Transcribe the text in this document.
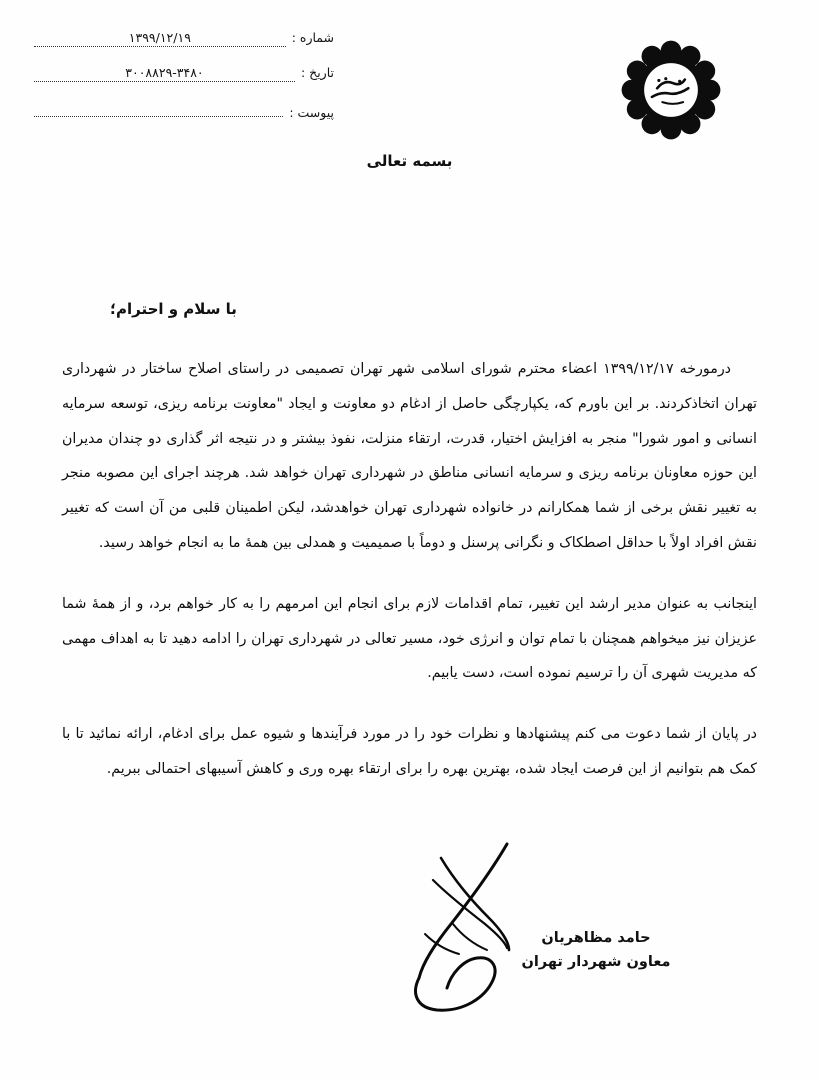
شماره :
۱۳۹۹/۱۲/۱۹
تاریخ :
۳۰۰۸۸۲۹-۳۴۸۰
پیوست :
بسمه تعالی
با سلام و احترام؛

درمورخه ۱۳۹۹/۱۲/۱۷ اعضاء محترم شورای اسلامی شهر تهران تصمیمی در راستای اصلاح ساختار در شهرداری تهران اتخاذکردند. بر این باورم که، یکپارچگی حاصل از ادغام دو معاونت و ایجاد "معاونت برنامه ریزی، توسعه سرمایه انسانی و امور شورا" منجر به افزایش اختیار، قدرت، ارتقاء منزلت، نفوذ بیشتر و در نتیجه اثر گذاری دو چندان مدیران این حوزه معاونان برنامه ریزی و سرمایه انسانی مناطق در شهرداری تهران خواهد شد. هرچند اجرای این مصوبه منجر به تغییر نقش برخی از شما همکارانم در خانواده شهرداری تهران خواهدشد، لیکن اطمینان قلبی من آن است که تغییر نقش افراد اولاً با حداقل اصطکاک و نگرانی پرسنل و دوماً با صمیمیت و همدلی بین همهٔ ما به انجام خواهد رسید.

اینجانب به عنوان مدیر ارشد این تغییر، تمام اقدامات لازم برای انجام این امرمهم را به کار خواهم برد، و از همهٔ شما عزیزان نیز میخواهم همچنان با تمام توان و انرژی خود، مسیر تعالی در شهرداری تهران را ادامه دهید تا به اهداف مهمی که مدیریت شهری آن را ترسیم نموده است، دست یابیم.

در پایان از شما دعوت می کنم پیشنهادها و نظرات خود را در مورد فرآیندها و شیوه عمل برای ادغام، ارائه نمائید تا با کمک هم بتوانیم از این فرصت ایجاد شده، بهترین بهره را برای ارتقاء بهره وری و کاهش آسیبهای احتمالی ببریم.

حامد مظاهریان
معاون شهردار تهران
